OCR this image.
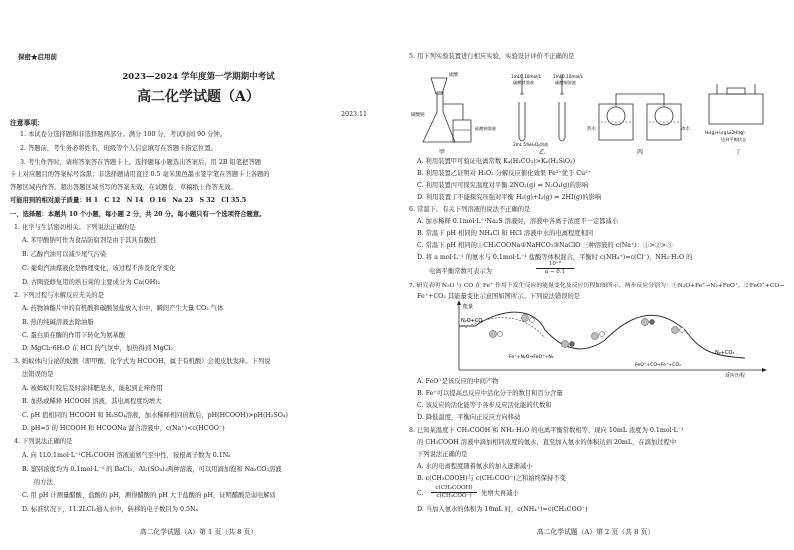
保密★启用前
2023—2024 学年度第一学期期中考试
高二化学试题（A）
2023.11
注意事项：
1. 本试卷分选择题和非选择题两部分。满分 100 分，考试时间 90 分钟。
2. 答题前，考生务必将姓名、班级等个人信息填写在答题卡指定位置。
3. 考生作答时，请将答案答在答题卡上。选择题每小题选出答案后，用 2B 铅笔把答题
卡上对应题目的答案标号涂黑；非选择题请用直径 0.5 毫米黑色墨水签字笔在答题卡上各题的
答题区域内作答。超出答题区域书写的答案无效，在试题卷、草稿纸上作答无效。
可能用到的相对原子质量：H 1　C 12　N 14　O 16　Na 23　S 32　Cl 35.5
一、选择题：本题共 10 个小题，每小题 2 分，共 20 分。每小题只有一个选项符合题意。
1. 化学与生活密切相关。下列说法正确的是
A. 苯甲酸钠可作为食品防腐剂是由于其具有酸性
B. 乙醇汽油可以减少尾气污染
C. 葡萄汽油煤液化是物理变化，该过程不涉及化学变化
D. 古陶瓷修复用的熟石膏的主要成分为 Ca(OH)₂
2. 下列过程与水解反应无关的是
A. 药物油酯片中的有机酸和碳酸氢盐放入水中，瞬间产生大量 CO₂ 气体
B. 热的纯碱溶液去除油脂
C. 蛋白质在酶的作用下转化为氨基酸
D. MgCl₂·6H₂O 在 HCl 的气氛中，加热得到 MgCl₂
3. 蚂蚁体内分泌的蚁酸（即甲酸，化学式为 HCOOH，属于有机酸）会使皮肤发痒。下列说
法错误的是
A. 被蚂蚁叮咬后及时涂抹肥皂水，能起到止痒作用
B. 加热或稀释 HCOOH 溶液，其电离程度均增大
C. pH 值相同的 HCOOH 和 H₂SO₄溶液，加水稀释相同倍数后，pH(HCOOH)>pH(H₂SO₄)
D. pH=5 的 HCOOH 和 HCOONa 混合溶液中，c(Na⁺)<c(HCOO⁻)
4. 下列说法正确的是
A. 向 1L0.1mol·L⁻¹CH₃COOH 溶液通氨气至中性，铵根离子数为 0.1Nₐ
B. 鉴别浓度均为 0.1mol·L⁻¹ 的 BaCl₂、Al₂(SO₄)₃两种溶液，可以用滴加饱和 Na₂CO₃溶液
的方法
C. 用 pH 计测量醋酸、盐酸的 pH，测得醋酸的 pH 大于盐酸的 pH，证明醋酸是弱电解质
D. 标准状况下，11.2LCl₂通入水中，转移的电子数目为 0.5Nₐ
高二化学试题（A）第 1 页（共 8 页）
5. 用下列实验装置进行相应实验，实验设计评价不正确的是
硫酸
碳酸钠
硅酸钠溶液
甲
1mL0.10mol/L
硫酸铁溶液
1mL0.10mol/L
硫酸铜溶液
2mL 5%H₂O₂溶液
乙
热水	冰水
丙
H₂(g)+I₂(g)⇌2HI(g)
达到平衡状态
丁
A. 利用装置甲可验证电离常数 Kₐ(H₂CO₃)>Kₐ(H₂SiO₃)
B. 利用装置乙证明对 H₂O₂ 分解反应催化效果 Fe³⁺优于 Cu²⁺
C. 利用装置丙可探究温度对平衡 2NO₂(g) ⇌ N₂O₄(g)的影响
D. 利用装置丁不能探究压强对平衡 H₂(g)+I₂(g) ⇌ 2HI(g)的影响
6. 常温下，有关下列溶液的说法不正确的是
A. 加水稀释 0.1mol·L⁻¹Na₂S 溶液时，溶液中各离子浓度不一定都减小
B. 常温下 pH 相同的 NH₄Cl 和 HCl 溶液中水的电离程度相同
C. 常温下 pH 相同的①CH₃COONa②NaHCO₃③NaClO 三种溶液的 c(Na⁺)：①>②>③
D. 将 a mol·L⁻¹ 的氨水与 0.1mol·L⁻¹ 盐酸等体积混合，平衡时 c(NH₄⁺)=c(Cl⁻)，NH₃·H₂O 的
电离平衡常数可表示为
10⁻⁸
a − 0.1
7. 研究表明 N₂O 与 CO 在 Fe⁺ 作用下发生反应的能量变化及反应历程如图所示，两步反应分别为：①N₂O+Fe⁺→N₂+FeO⁺，②FeO⁺+CO→
Fe⁺+CO₂ 其能量变化示意图如图所示。下列说法错误的是
能量
反应历程
N₂O+CO
Fe⁺+N₂O→FeO⁺+N₂
FeO⁺+CO→Fe⁺+CO₂
N₂+CO₂
A. FeO⁺是该反应的中间产物
B. Fe⁺可以提高总反应中活化分子的数目和百分含量
C. 该反应的活化能等于各步反应活化能的代数和
D. 降低温度，平衡向正反应方向移动
8. 已知某温度下 CH₃COOH 和 NH₃·H₂O 的电离平衡常数相等，现向 10mL 浓度为 0.1mol·L⁻¹
的 CH₃COOH 溶液中滴加相同浓度的氨水，直至加入氨水的体积达到 20mL，在滴加过程中
下列说法正确的是
A. 水的电离程度随着氨水的加入逐渐减小
B. c(CH₃COOH)与 c(CH₃COO⁻)之和始终保持不变
C.
c(CH₃COOH)
c(CH₃COO⁻)	先增大再减小
D. 当加入氨水的体积为 10mL 时，c(NH₄⁺)=c(CH₃COO⁻)
高二化学试题（A）第 2 页（共 8 页）
